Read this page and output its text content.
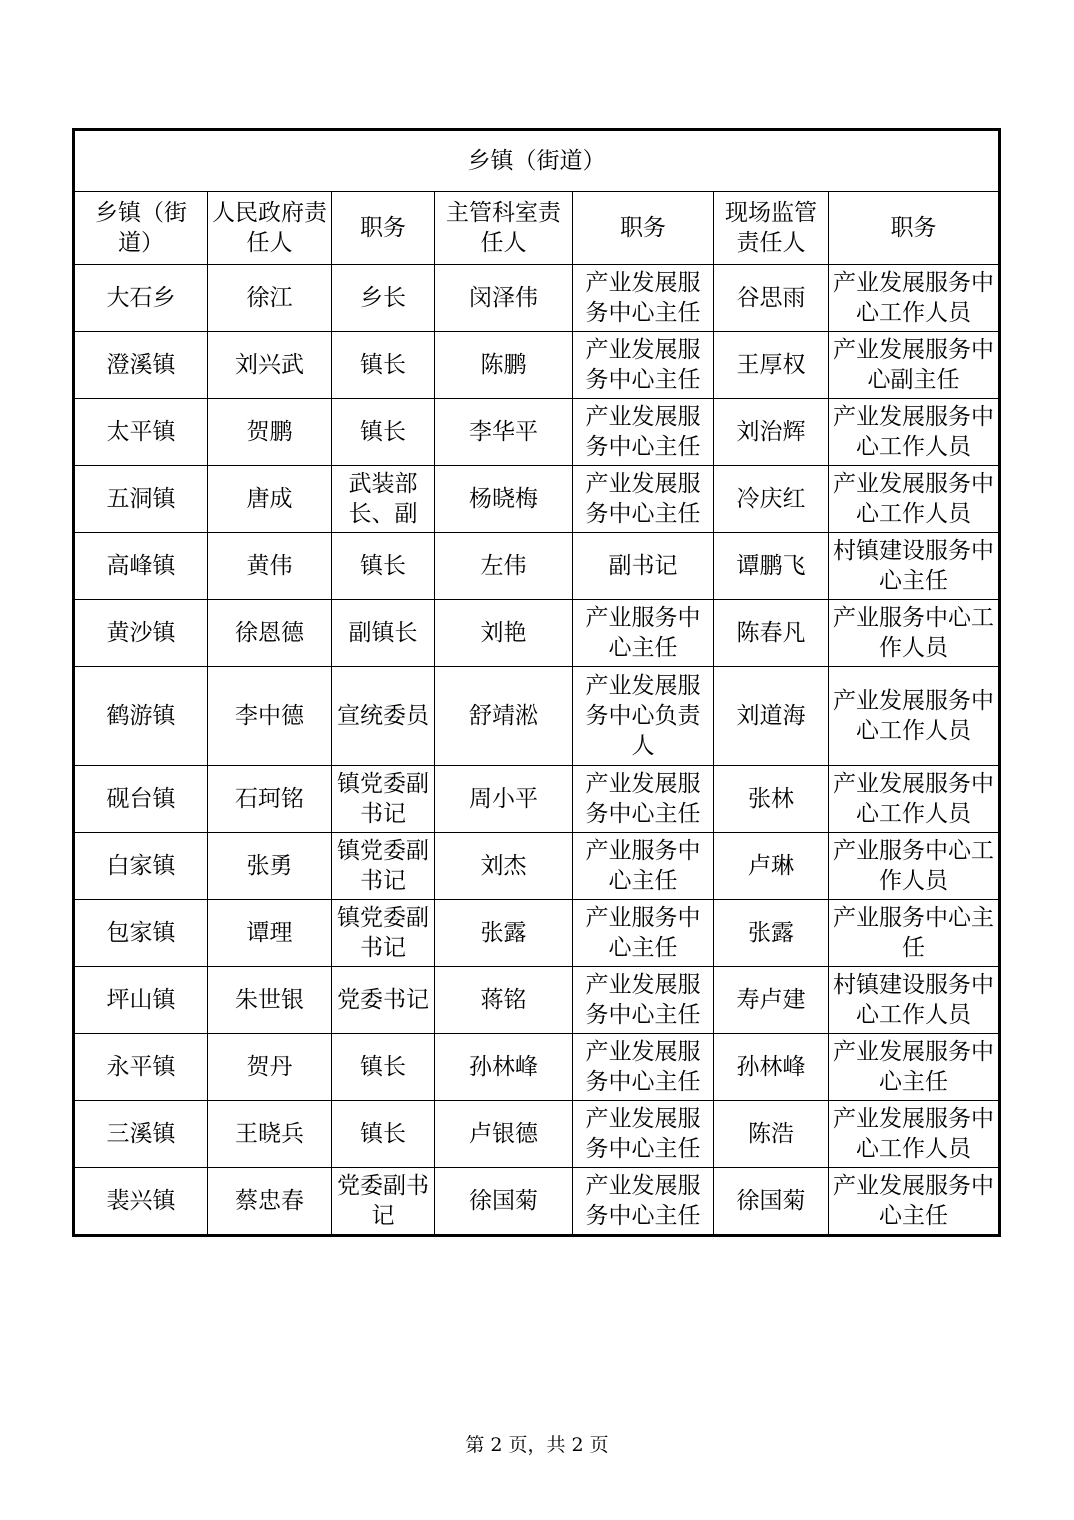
乡镇（街道）						
乡镇（街道）	人民政府责任人	职务	主管科室责任人	职务	现场监管责任人	职务
大石乡	徐江	乡长	闵泽伟	产业发展服务中心主任	谷思雨	产业发展服务中心工作人员
澄溪镇	刘兴武	镇长	陈鹏	产业发展服务中心主任	王厚权	产业发展服务中心副主任
太平镇	贺鹏	镇长	李华平	产业发展服务中心主任	刘治辉	产业发展服务中心工作人员
五洞镇	唐成	武装部长、副	杨晓梅	产业发展服务中心主任	冷庆红	产业发展服务中心工作人员
高峰镇	黄伟	镇长	左伟	副书记	谭鹏飞	村镇建设服务中心主任
黄沙镇	徐恩德	副镇长	刘艳	产业服务中心主任	陈春凡	产业服务中心工作人员
鹤游镇	李中德	宣统委员	舒靖淞	产业发展服务中心负责人	刘道海	产业发展服务中心工作人员
砚台镇	石珂铭	镇党委副书记	周小平	产业发展服务中心主任	张林	产业发展服务中心工作人员
白家镇	张勇	镇党委副书记	刘杰	产业服务中心主任	卢琳	产业服务中心工作人员
包家镇	谭理	镇党委副书记	张露	产业服务中心主任	张露	产业服务中心主任
坪山镇	朱世银	党委书记	蒋铭	产业发展服务中心主任	寿卢建	村镇建设服务中心工作人员
永平镇	贺丹	镇长	孙林峰	产业发展服务中心主任	孙林峰	产业发展服务中心主任
三溪镇	王晓兵	镇长	卢银德	产业发展服务中心主任	陈浩	产业发展服务中心工作人员
裴兴镇	蔡忠春	党委副书记	徐国菊	产业发展服务中心主任	徐国菊	产业发展服务中心主任
第 2 页，共 2 页
